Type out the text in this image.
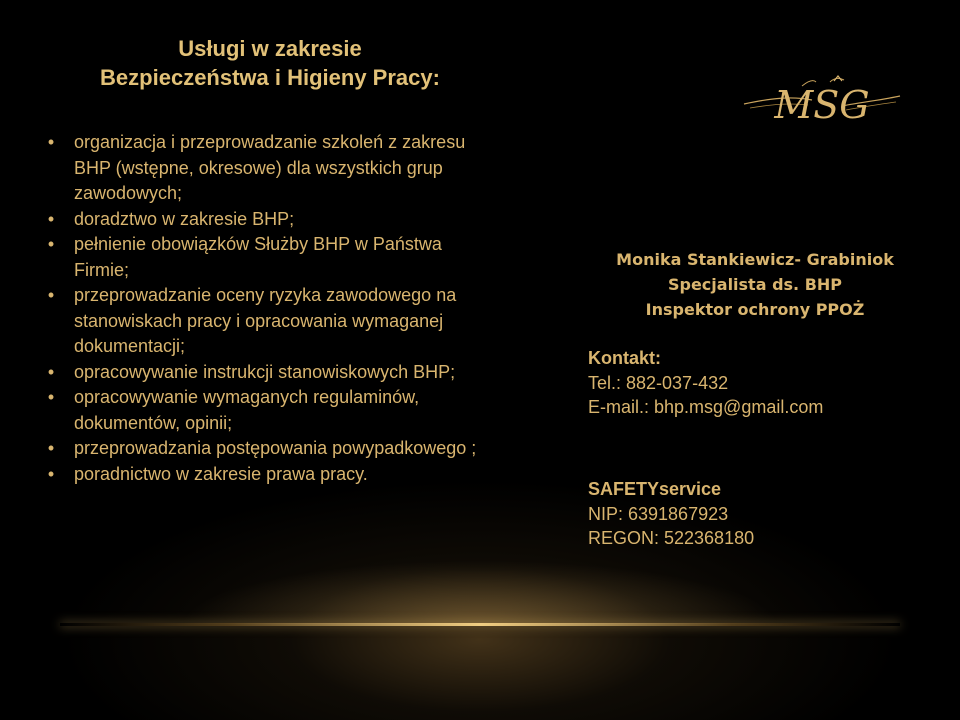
Usługi w zakresie
Bezpieczeństwa i Higieny Pracy:
• organizacja i przeprowadzanie szkoleń z zakresu BHP (wstępne, okresowe) dla wszystkich grup zawodowych;
• doradztwo w zakresie BHP;
• pełnienie obowiązków Służby BHP w Państwa Firmie;
• przeprowadzanie oceny ryzyka zawodowego na stanowiskach pracy i opracowania wymaganej dokumentacji;
• opracowywanie instrukcji stanowiskowych BHP;
• opracowywanie wymaganych regulaminów, dokumentów, opinii;
• przeprowadzania postępowania powypadkowego ;
• poradnictwo w zakresie prawa pracy.
MSG
Monika Stankiewicz- Grabiniok
Specjalista ds. BHP
Inspektor ochrony PPOŻ
Kontakt:
Tel.: 882-037-432
E-mail.: bhp.msg@gmail.com
SAFETYservice
NIP: 6391867923
REGON: 522368180
